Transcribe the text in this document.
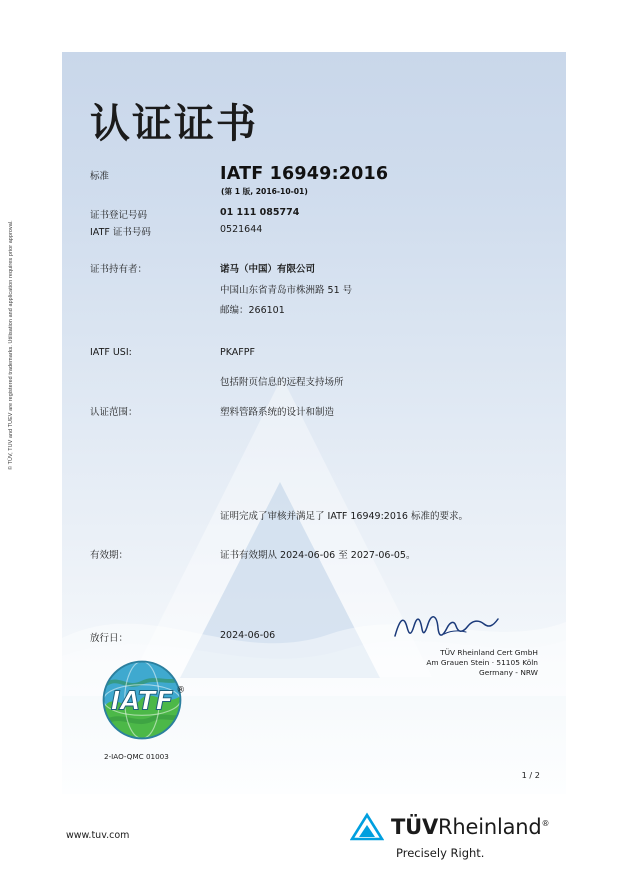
© TÜV, TUV and TUEV are registered trademarks. Utilisation and application requires prior approval.
认证证书
标准	IATF 16949:2016
(第 1 版, 2016-10-01)
证书登记号码	01 111 085774
IATF 证书号码	0521644
证书持有者：	诺马（中国）有限公司
中国山东省青岛市株洲路 51 号
邮编：266101
IATF USI:	PKAFPF
包括附页信息的远程支持场所
认证范围：	塑料管路系统的设计和制造
证明完成了审核并满足了 IATF 16949:2016 标准的要求。
有效期：	证书有效期从 2024-06-06 至 2027-06-05。
放行日：	2024-06-06
TÜV Rheinland Cert GmbH
Am Grauen Stein · 51105 Köln
Germany - NRW
IATF ®
2-IAO-QMC 01003
1 / 2
www.tuv.com	TÜVRheinland®
Precisely Right.
